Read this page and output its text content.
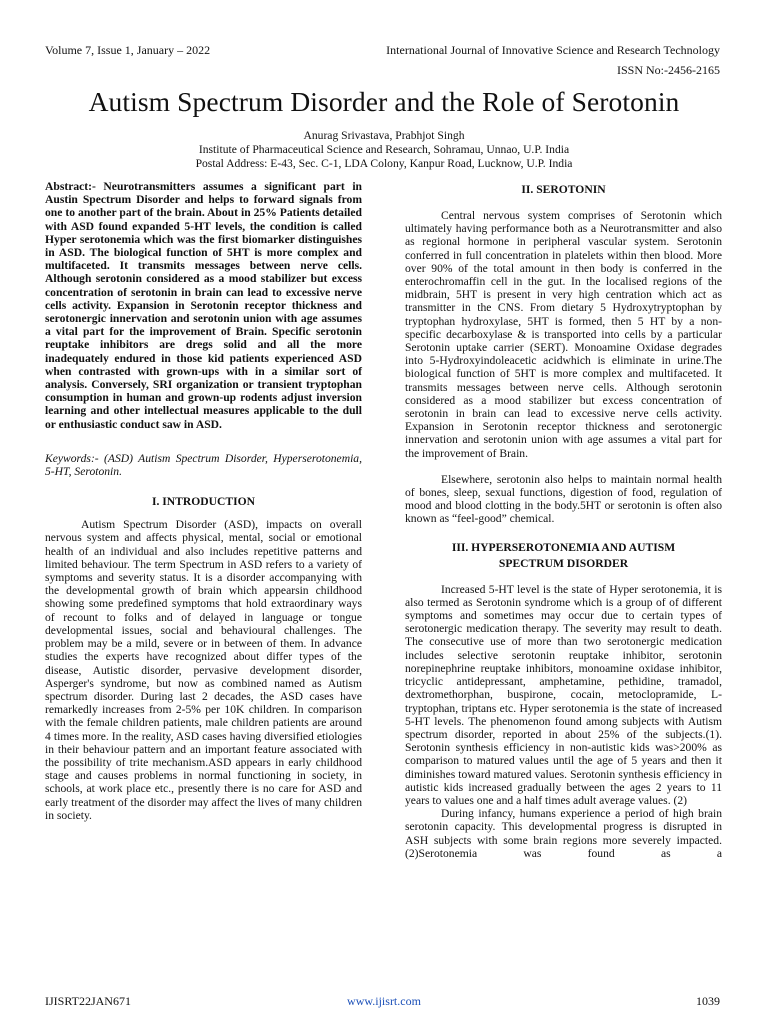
Volume 7, Issue 1, January – 2022	International Journal of Innovative Science and Research Technology
ISSN No:-2456-2165
Autism Spectrum Disorder and the Role of Serotonin
Anurag Srivastava, Prabhjot Singh
Institute of Pharmaceutical Science and Research, Sohramau, Unnao, U.P. India
Postal Address: E-43, Sec. C-1, LDA Colony, Kanpur Road, Lucknow, U.P. India

Abstract:- Neurotransmitters assumes a significant part in Austin Spectrum Disorder and helps to forward signals from one to another part of the brain. About in 25% Patients detailed with ASD found expanded 5-HT levels, the condition is called Hyper serotonemia which was the first biomarker distinguishes in ASD. The biological function of 5HT is more complex and multifaceted. It transmits messages between nerve cells. Although serotonin considered as a mood stabilizer but excess concentration of serotonin in brain can lead to excessive nerve cells activity. Expansion in Serotonin receptor thickness and serotonergic innervation and serotonin union with age assumes a vital part for the improvement of Brain. Specific serotonin reuptake inhibitors are dregs solid and all the more inadequately endured in those kid patients experienced ASD when contrasted with grown-ups with in a similar sort of analysis. Conversely, SRI organization or transient tryptophan consumption in human and grown-up rodents adjust inversion learning and other intellectual measures applicable to the dull or enthusiastic conduct saw in ASD.

Keywords:- (ASD) Autism Spectrum Disorder, Hyperserotonemia, 5-HT, Serotonin.

I. INTRODUCTION

Autism Spectrum Disorder (ASD), impacts on overall nervous system and affects physical, mental, social or emotional health of an individual and also includes repetitive patterns and limited behaviour. The term Spectrum in ASD refers to a variety of symptoms and severity status. It is a disorder accompanying with the developmental growth of brain which appearsin childhood showing some predefined symptoms that hold extraordinary ways of recount to folks and of delayed in language or tongue developmental issues, social and behavioural challenges. The problem may be a mild, severe or in between of them. In advance studies the experts have recognized about differ types of the disease, Autistic disorder, pervasive development disorder, Asperger's syndrome, but now as combined named as Autism spectrum disorder. During last 2 decades, the ASD cases have remarkedly increases from 2-5% per 10K children. In comparison with the female children patients, male children patients are around 4 times more. In the reality, ASD cases having diversified etiologies in their behaviour pattern and an important feature associated with the possibility of trite mechanism.ASD appears in early childhood stage and causes problems in normal functioning in society, in schools, at work place etc., presently there is no care for ASD and early treatment of the disorder may affect the lives of many children in society.

II. SEROTONIN

Central nervous system comprises of Serotonin which ultimately having performance both as a Neurotransmitter and also as regional hormone in peripheral vascular system. Serotonin conferred in full concentration in platelets within then blood. More over 90% of the total amount in then body is conferred in the enterochromaffin cell in the gut. In the localised regions of the midbrain, 5HT is present in very high centration which act as transmitter in the CNS. From dietary 5 Hydroxytryptophan by tryptophan hydroxylase, 5HT is formed, then 5 HT by a non-specific decarboxylase & is transported into cells by a particular Serotonin uptake carrier (SERT). Monoamine Oxidase degrades into 5-Hydroxyindoleacetic acidwhich is eliminate in urine.The biological function of 5HT is more complex and multifaceted. It transmits messages between nerve cells. Although serotonin considered as a mood stabilizer but excess concentration of serotonin in brain can lead to excessive nerve cells activity. Expansion in Serotonin receptor thickness and serotonergic innervation and serotonin union with age assumes a vital part for the improvement of Brain.

Elsewhere, serotonin also helps to maintain normal health of bones, sleep, sexual functions, digestion of food, regulation of mood and blood clotting in the body.5HT or serotonin is often also known as “feel-good” chemical.

III. HYPERSEROTONEMIA AND AUTISM
SPECTRUM DISORDER

Increased 5-HT level is the state of Hyper serotonemia, it is also termed as Serotonin syndrome which is a group of of different symptoms and sometimes may occur due to certain types of serotonergic medication therapy. The severity may result to death. The consecutive use of more than two serotonergic medication includes selective serotonin reuptake inhibitor, serotonin norepinephrine reuptake inhibitors, monoamine oxidase inhibitor, tricyclic antidepressant, amphetamine, pethidine, tramadol, dextromethorphan, buspirone, cocain, metoclopramide, L-tryptophan, triptans etc. Hyper serotonemia is the state of increased 5-HT levels. The phenomenon found among subjects with Autism spectrum disorder, reported in about 25% of the subjects.(1). Serotonin synthesis efficiency in non-autistic kids was>200% as comparison to matured values until the age of 5 years and then it diminishes toward matured values. Serotonin synthesis efficiency in autistic kids increased gradually between the ages 2 years to 11 years to values one and a half times adult average values. (2)

During infancy, humans experience a period of high brain serotonin capacity. This developmental progress is disrupted in ASH subjects with some brain regions more severely impacted. (2)Serotonemia was found as a

IJISRT22JAN671	www.ijisrt.com	1039
